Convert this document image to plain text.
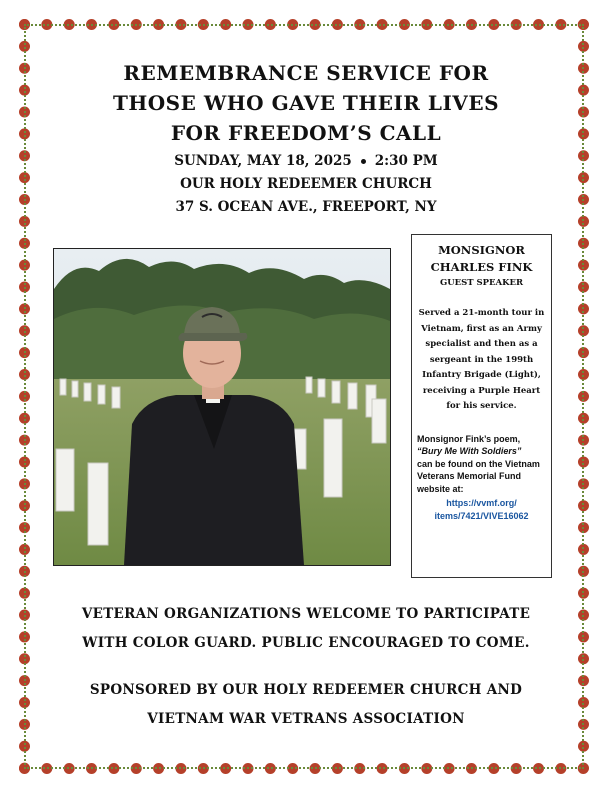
REMEMBRANCE SERVICE FOR
THOSE WHO GAVE THEIR LIVES
FOR FREEDOM’S CALL
SUNDAY, MAY 18, 2025 2:30 PM
OUR HOLY REDEEMER CHURCH
37 S. OCEAN AVE., FREEPORT, NY

MONSIGNOR
CHARLES FINK

GUEST SPEAKER

Served a 21-month tour in Vietnam, first as an Army specialist and then as a sergeant in the 199th Infantry Brigade (Light), receiving a Purple Heart for his service.

Monsignor Fink’s poem,
“Bury Me With Soldiers”
can be found on the Vietnam Veterans Memorial Fund website at:

https://vvmf.org/
items/7421/VIVE16062

VETERAN ORGANIZATIONS WELCOME TO PARTICIPATE
WITH COLOR GUARD. PUBLIC ENCOURAGED TO COME.
SPONSORED BY OUR HOLY REDEEMER CHURCH AND
VIETNAM WAR VETRANS ASSOCIATION
